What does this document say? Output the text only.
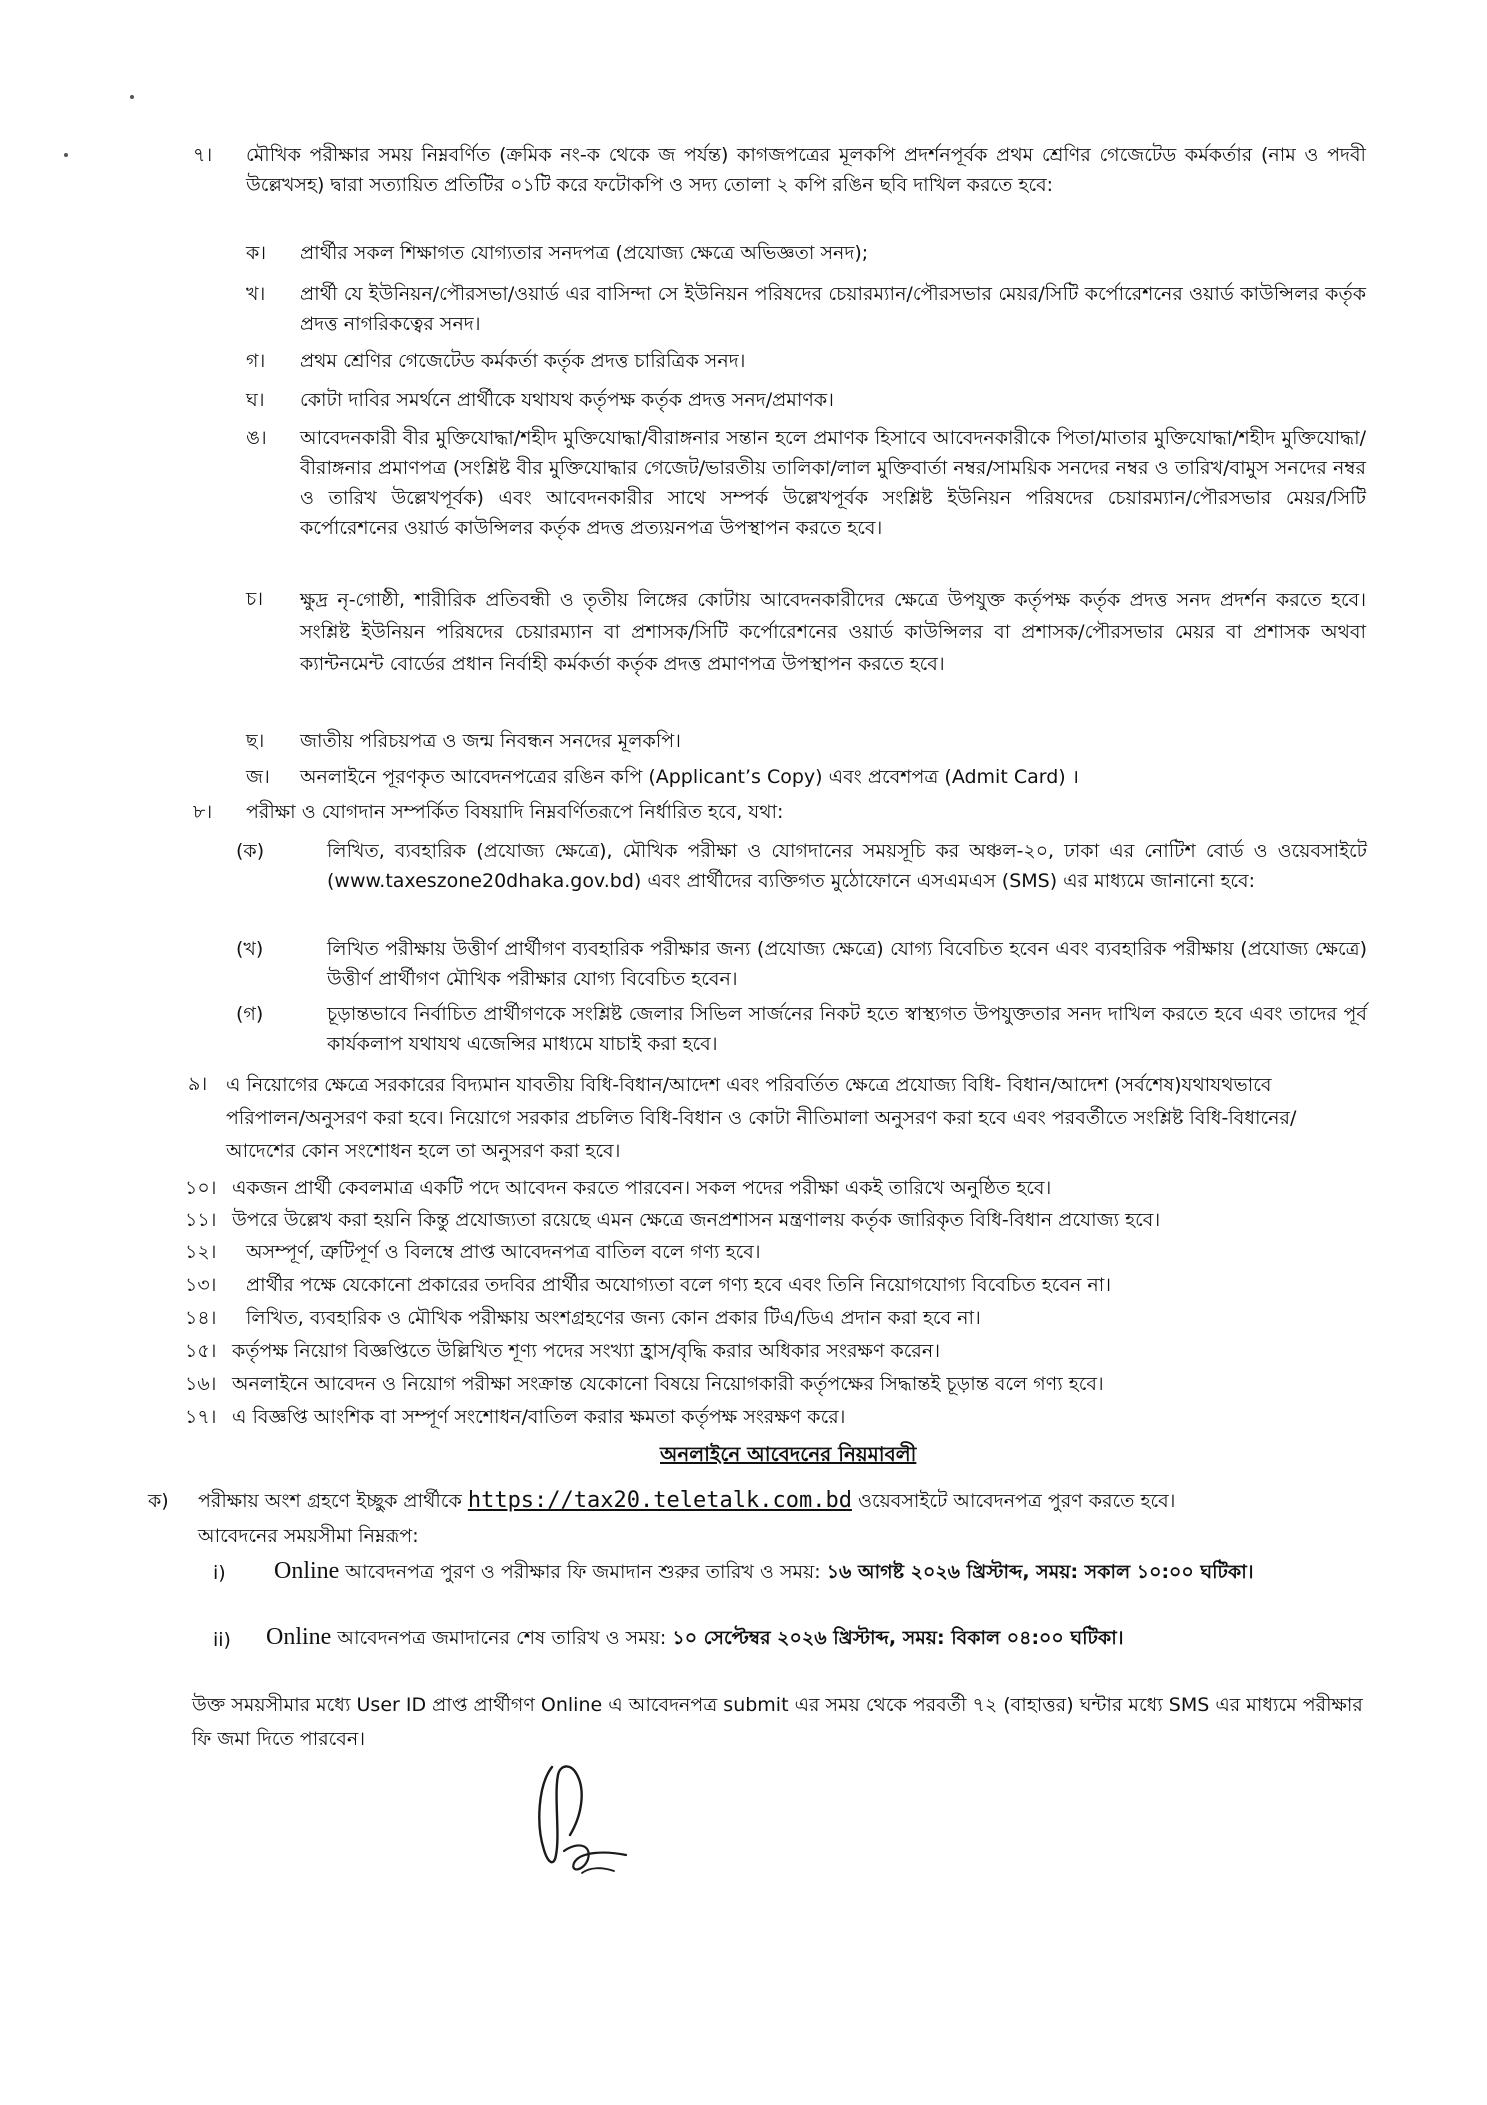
৭। মৌখিক পরীক্ষার সময় নিম্নবর্ণিত (ক্রমিক নং-ক থেকে জ পর্যন্ত) কাগজপত্রের মূলকপি প্রদর্শনপূর্বক প্রথম শ্রেণির গেজেটেড কর্মকর্তার (নাম ও পদবী উল্লেখসহ) দ্বারা সত্যায়িত প্রতিটির ০১টি করে ফটোকপি ও সদ্য তোলা ২ কপি রঙিন ছবি দাখিল করতে হবে:
ক। প্রার্থীর সকল শিক্ষাগত যোগ্যতার সনদপত্র (প্রযোজ্য ক্ষেত্রে অভিজ্ঞতা সনদ);
খ। প্রার্থী যে ইউনিয়ন/পৌরসভা/ওয়ার্ড এর বাসিন্দা সে ইউনিয়ন পরিষদের চেয়ারম্যান/পৌরসভার মেয়র/সিটি কর্পোরেশনের ওয়ার্ড কাউন্সিলর কর্তৃক প্রদত্ত নাগরিকত্বের সনদ।
গ। প্রথম শ্রেণির গেজেটেড কর্মকর্তা কর্তৃক প্রদত্ত চারিত্রিক সনদ।
ঘ। কোটা দাবির সমর্থনে প্রার্থীকে যথাযথ কর্তৃপক্ষ কর্তৃক প্রদত্ত সনদ/প্রমাণক।
ঙ। আবেদনকারী বীর মুক্তিযোদ্ধা/শহীদ মুক্তিযোদ্ধা/বীরাঙ্গনার সন্তান হলে প্রমাণক হিসাবে আবেদনকারীকে পিতা/মাতার মুক্তিযোদ্ধা/শহীদ মুক্তিযোদ্ধা/বীরাঙ্গনার প্রমাণপত্র (সংশ্লিষ্ট বীর মুক্তিযোদ্ধার গেজেট/ভারতীয় তালিকা/লাল মুক্তিবার্তা নম্বর/সাময়িক সনদের নম্বর ও তারিখ/বামুস সনদের নম্বর ও তারিখ উল্লেখপূর্বক) এবং আবেদনকারীর সাথে সম্পর্ক উল্লেখপূর্বক সংশ্লিষ্ট ইউনিয়ন পরিষদের চেয়ারম্যান/পৌরসভার মেয়র/সিটি কর্পোরেশনের ওয়ার্ড কাউন্সিলর কর্তৃক প্রদত্ত প্রত্যয়নপত্র উপস্থাপন করতে হবে।
চ। ক্ষুদ্র নৃ-গোষ্ঠী, শারীরিক প্রতিবন্ধী ও তৃতীয় লিঙ্গের কোটায় আবেদনকারীদের ক্ষেত্রে উপযুক্ত কর্তৃপক্ষ কর্তৃক প্রদত্ত সনদ প্রদর্শন করতে হবে। সংশ্লিষ্ট ইউনিয়ন পরিষদের চেয়ারম্যান বা প্রশাসক/সিটি কর্পোরেশনের ওয়ার্ড কাউন্সিলর বা প্রশাসক/পৌরসভার মেয়র বা প্রশাসক অথবা ক্যান্টনমেন্ট বোর্ডের প্রধান নির্বাহী কর্মকর্তা কর্তৃক প্রদত্ত প্রমাণপত্র উপস্থাপন করতে হবে।
ছ। জাতীয় পরিচয়পত্র ও জন্ম নিবন্ধন সনদের মূলকপি।
জ। অনলাইনে পূরণকৃত আবেদনপত্রের রঙিন কপি (Applicant’s Copy) এবং প্রবেশপত্র (Admit Card) ।
৮। পরীক্ষা ও যোগদান সম্পর্কিত বিষয়াদি নিম্নবর্ণিতরূপে নির্ধারিত হবে, যথা:
(ক)	লিখিত, ব্যবহারিক (প্রযোজ্য ক্ষেত্রে), মৌখিক পরীক্ষা ও যোগদানের সময়সূচি কর অঞ্চল-২০, ঢাকা এর নোটিশ বোর্ড ও ওয়েবসাইটে (www.taxeszone20dhaka.gov.bd) এবং প্রার্থীদের ব্যক্তিগত মুঠোফোনে এসএমএস (SMS) এর মাধ্যমে জানানো হবে:
(খ)	লিখিত পরীক্ষায় উত্তীর্ণ প্রার্থীগণ ব্যবহারিক পরীক্ষার জন্য (প্রযোজ্য ক্ষেত্রে) যোগ্য বিবেচিত হবেন এবং ব্যবহারিক পরীক্ষায় (প্রযোজ্য ক্ষেত্রে) উত্তীর্ণ প্রার্থীগণ মৌখিক পরীক্ষার যোগ্য বিবেচিত হবেন।
(গ)	চূড়ান্তভাবে নির্বাচিত প্রার্থীগণকে সংশ্লিষ্ট জেলার সিভিল সার্জনের নিকট হতে স্বাস্থ্যগত উপযুক্ততার সনদ দাখিল করতে হবে এবং তাদের পূর্ব কার্যকলাপ যথাযথ এজেন্সির মাধ্যমে যাচাই করা হবে।
৯। এ নিয়োগের ক্ষেত্রে সরকারের বিদ্যমান যাবতীয় বিধি-বিধান/আদেশ এবং পরিবর্তিত ক্ষেত্রে প্রযোজ্য বিধি- বিধান/আদেশ (সর্বশেষ)যথাযথভাবে পরিপালন/অনুসরণ করা হবে। নিয়োগে সরকার প্রচলিত বিধি-বিধান ও কোটা নীতিমালা অনুসরণ করা হবে এবং পরবর্তীতে সংশ্লিষ্ট বিধি-বিধানের/আদেশের কোন সংশোধন হলে তা অনুসরণ করা হবে।
১০। একজন প্রার্থী কেবলমাত্র একটি পদে আবেদন করতে পারবেন। সকল পদের পরীক্ষা একই তারিখে অনুষ্ঠিত হবে।
১১। উপরে উল্লেখ করা হয়নি কিন্তু প্রযোজ্যতা রয়েছে এমন ক্ষেত্রে জনপ্রশাসন মন্ত্রণালয় কর্তৃক জারিকৃত বিধি-বিধান প্রযোজ্য হবে।
১২। অসম্পূর্ণ, ত্রুটিপূর্ণ ও বিলম্বে প্রাপ্ত আবেদনপত্র বাতিল বলে গণ্য হবে।
১৩। প্রার্থীর পক্ষে যেকোনো প্রকারের তদবির প্রার্থীর অযোগ্যতা বলে গণ্য হবে এবং তিনি নিয়োগযোগ্য বিবেচিত হবেন না।
১৪। লিখিত, ব্যবহারিক ও মৌখিক পরীক্ষায় অংশগ্রহণের জন্য কোন প্রকার টিএ/ডিএ প্রদান করা হবে না।
১৫। কর্তৃপক্ষ নিয়োগ বিজ্ঞপ্তিতে উল্লিখিত শূণ্য পদের সংখ্যা হ্রাস/বৃদ্ধি করার অধিকার সংরক্ষণ করেন।
১৬। অনলাইনে আবেদন ও নিয়োগ পরীক্ষা সংক্রান্ত যেকোনো বিষয়ে নিয়োগকারী কর্তৃপক্ষের সিদ্ধান্তই চূড়ান্ত বলে গণ্য হবে।
১৭। এ বিজ্ঞপ্তি আংশিক বা সম্পূর্ণ সংশোধন/বাতিল করার ক্ষমতা কর্তৃপক্ষ সংরক্ষণ করে।
অনলাইনে আবেদনের নিয়মাবলী
ক) পরীক্ষায় অংশ গ্রহণে ইচ্ছুক প্রার্থীকে https://tax20.teletalk.com.bd ওয়েবসাইটে আবেদনপত্র পুরণ করতে হবে।
আবেদনের সময়সীমা নিম্নরূপ:
i) Online আবেদনপত্র পুরণ ও পরীক্ষার ফি জমাদান শুরুর তারিখ ও সময়: ১৬ আগষ্ট ২০২৬ খ্রিস্টাব্দ, সময়: সকাল ১০:০০ ঘটিকা।
ii) Online আবেদনপত্র জমাদানের শেষ তারিখ ও সময়: ১০ সেপ্টেম্বর ২০২৬ খ্রিস্টাব্দ, সময়: বিকাল ০৪:০০ ঘটিকা।
উক্ত সময়সীমার মধ্যে User ID প্রাপ্ত প্রার্থীগণ Online এ আবেদনপত্র submit এর সময় থেকে পরবর্তী ৭২ (বাহাত্তর) ঘন্টার মধ্যে SMS এর মাধ্যমে পরীক্ষার ফি জমা দিতে পারবেন।
